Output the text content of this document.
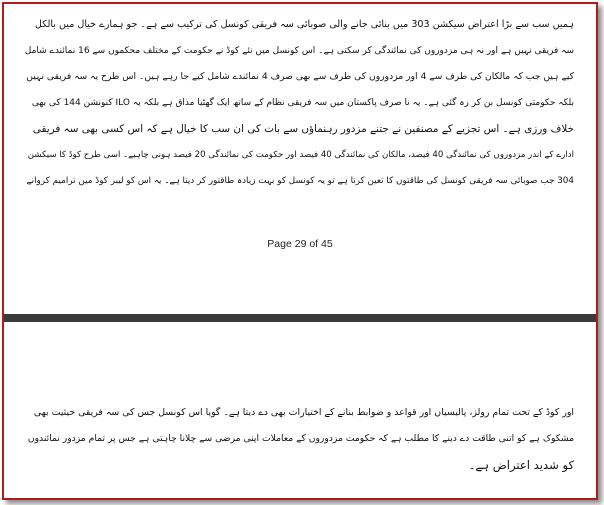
ہمیں سب سے بڑا اعتراض سیکشن 303 میں بنائی جانے والی صوبائی سہ فریقی کونسل کی ترکیب سے ہے۔ جو ہمارے خیال میں بالکل

سہ فریقی نہیں ہے اور نہ ہی مزدوروں کی نمائندگی کر سکتی ہے۔ اس کونسل میں نئے کوڈ نے حکومت کے مختلف محکموں سے 16 نمائندے شامل

کیے ہیں جب کہ مالکان کی طرف سے 4 اور مزدوروں کی طرف سے بھی صرف 4 نمائندے شامل کیے جا رہے ہیں۔ اس طرح یہ سہ فریقی نہیں

بلکہ حکومتی کونسل بن کر رہ گئی ہے۔ یہ نا صرف پاکستان میں سہ فریقی نظام کے ساتھ ایک گھٹیا مذاق ہے بلکہ یہ ILO کنونشن 144 کی بھی

خلاف ورزی ہے۔ اس تجزیے کے مصنفین نے جتنے مزدور رہنماؤں سے بات کی ان سب کا خیال ہے کہ اس کسی بھی سہ فریقی

ادارے کے اندر مزدوروں کی نمائندگی 40 فیصد، مالکان کی نمائندگی 40 فیصد اور حکومت کی نمائندگی 20 فیصد ہونی چاہیے۔ اسی طرح کوڈ کا سیکشن

304 جب صوبائی سہ فریقی کونسل کی طاقتوں کا تعین کرتا ہے تو یہ کونسل کو بہت زیادہ طاقتور کر دیتا ہے۔ یہ اس کو لیبر کوڈ میں ترامیم کروانے

Page 29 of 45

اور کوڈ کے تحت تمام رولز، پالیسیاں اور قواعد و ضوابط بنانے کے اختیارات بھی دے دیتا ہے۔ گویا اس کونسل جس کی سہ فریقی حیثیت بھی

مشکوک ہے کو اتنی طاقت دے دینے کا مطلب ہے کہ حکومت مزدوروں کے معاملات اپنی مرضی سے چلانا چاہتی ہے جس پر تمام مزدور نمائندوں

کو شدید اعتراض ہے۔
